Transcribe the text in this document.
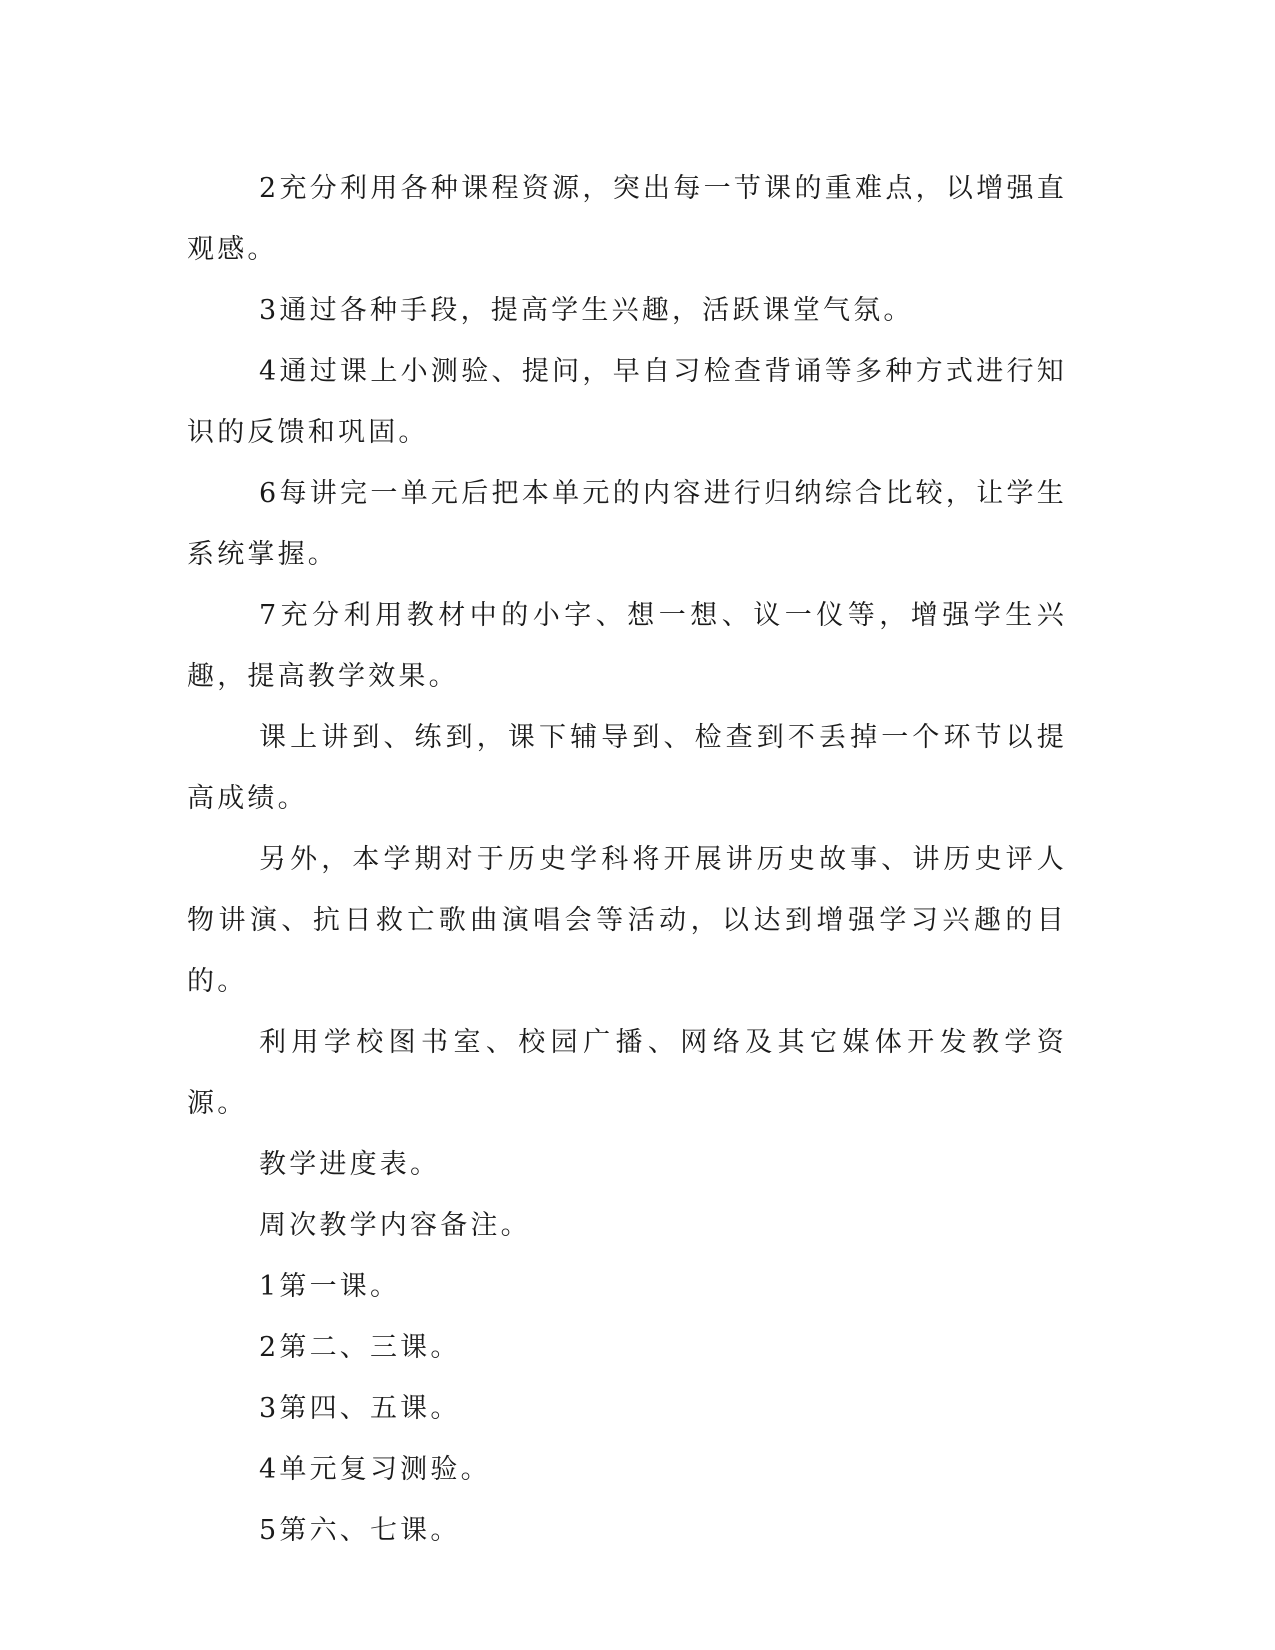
2充分利用各种课程资源，突出每一节课的重难点，以增强直观感。

3通过各种手段，提高学生兴趣，活跃课堂气氛。

4通过课上小测验、提问，早自习检查背诵等多种方式进行知识的反馈和巩固。

6每讲完一单元后把本单元的内容进行归纳综合比较，让学生系统掌握。

7充分利用教材中的小字、想一想、议一仪等，增强学生兴趣，提高教学效果。

课上讲到、练到，课下辅导到、检查到不丢掉一个环节以提高成绩。

另外，本学期对于历史学科将开展讲历史故事、讲历史评人物讲演、抗日救亡歌曲演唱会等活动，以达到增强学习兴趣的目的。

利用学校图书室、校园广播、网络及其它媒体开发教学资源。

教学进度表。

周次教学内容备注。

1第一课。

2第二、三课。

3第四、五课。

4单元复习测验。

5第六、七课。
